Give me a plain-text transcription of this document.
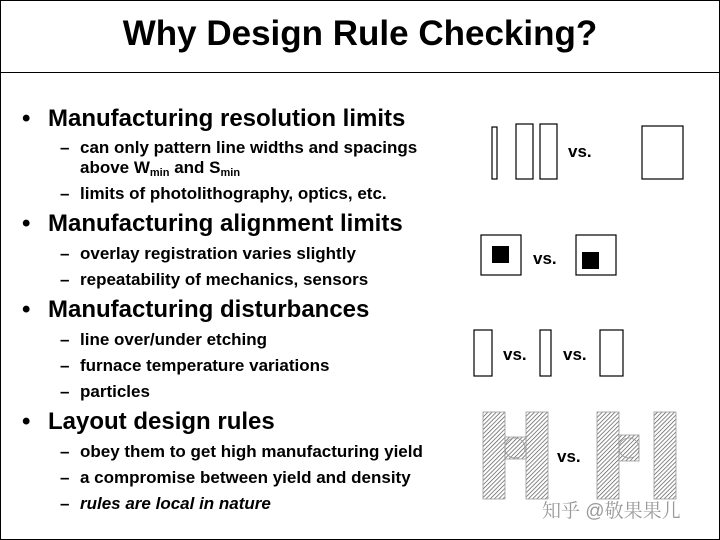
Why Design Rule Checking?
• Manufacturing resolution limits
– can only pattern line widths and spacings
above $W_{min}$ and $S_{min}$
– limits of photolithography, optics, etc.
• Manufacturing alignment limits
– overlay registration varies slightly
– repeatability of mechanics, sensors
• Manufacturing disturbances
– line over/under etching
– furnace temperature variations
– particles
• Layout design rules
– obey them to get high manufacturing yield
– a compromise between yield and density
– rules are local in nature
vs.
vs.
vs. vs.
vs.
知乎 @敬果果儿
